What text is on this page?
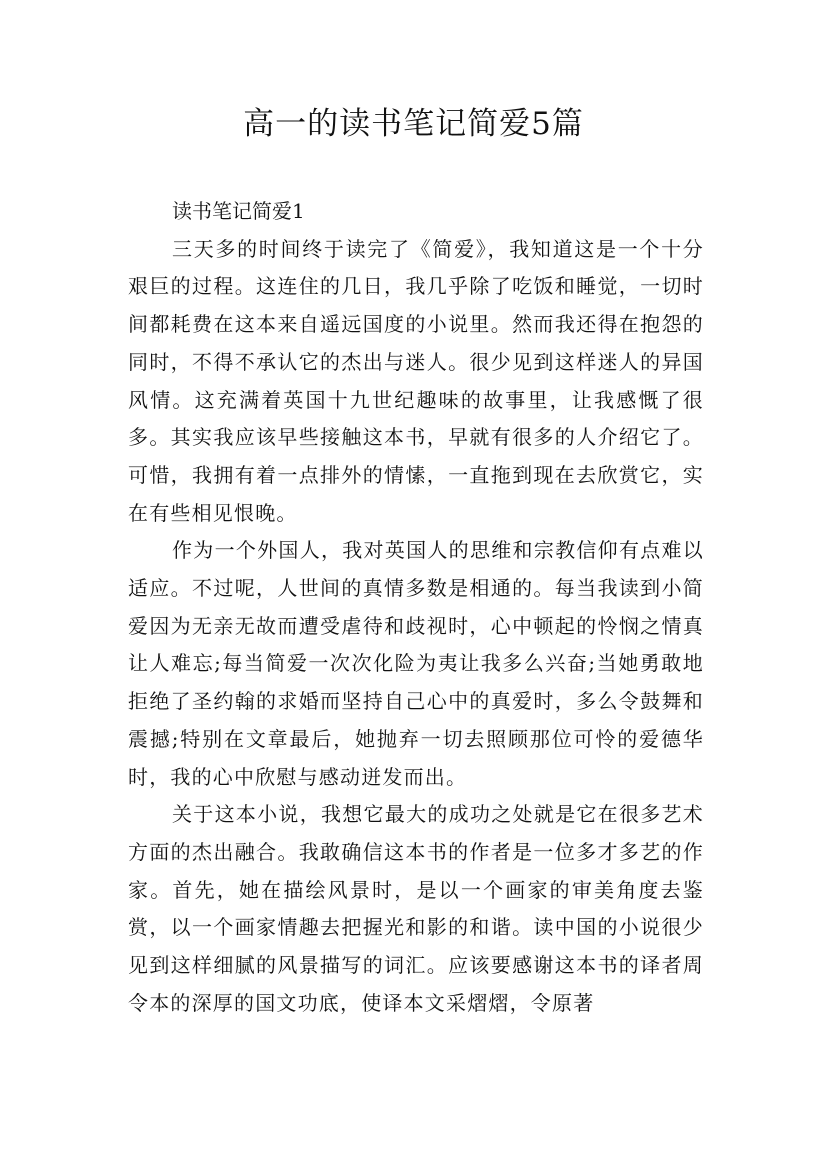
高一的读书笔记简爱5篇

读书笔记简爱1

三天多的时间终于读完了《简爱》，我知道这是一个十分艰巨的过程。这连住的几日，我几乎除了吃饭和睡觉，一切时间都耗费在这本来自遥远国度的小说里。然而我还得在抱怨的同时，不得不承认它的杰出与迷人。很少见到这样迷人的异国风情。这充满着英国十九世纪趣味的故事里，让我感慨了很多。其实我应该早些接触这本书，早就有很多的人介绍它了。可惜，我拥有着一点排外的情愫，一直拖到现在去欣赏它，实在有些相见恨晚。

作为一个外国人，我对英国人的思维和宗教信仰有点难以适应。不过呢，人世间的真情多数是相通的。每当我读到小简爱因为无亲无故而遭受虐待和歧视时，心中顿起的怜悯之情真让人难忘;每当简爱一次次化险为夷让我多么兴奋;当她勇敢地拒绝了圣约翰的求婚而坚持自己心中的真爱时，多么令鼓舞和震撼;特别在文章最后，她抛弃一切去照顾那位可怜的爱德华时，我的心中欣慰与感动迸发而出。

关于这本小说，我想它最大的成功之处就是它在很多艺术方面的杰出融合。我敢确信这本书的作者是一位多才多艺的作家。首先，她在描绘风景时，是以一个画家的审美角度去鉴赏，以一个画家情趣去把握光和影的和谐。读中国的小说很少见到这样细腻的风景描写的词汇。应该要感谢这本书的译者周令本的深厚的国文功底，使译本文采熠熠，令原著
